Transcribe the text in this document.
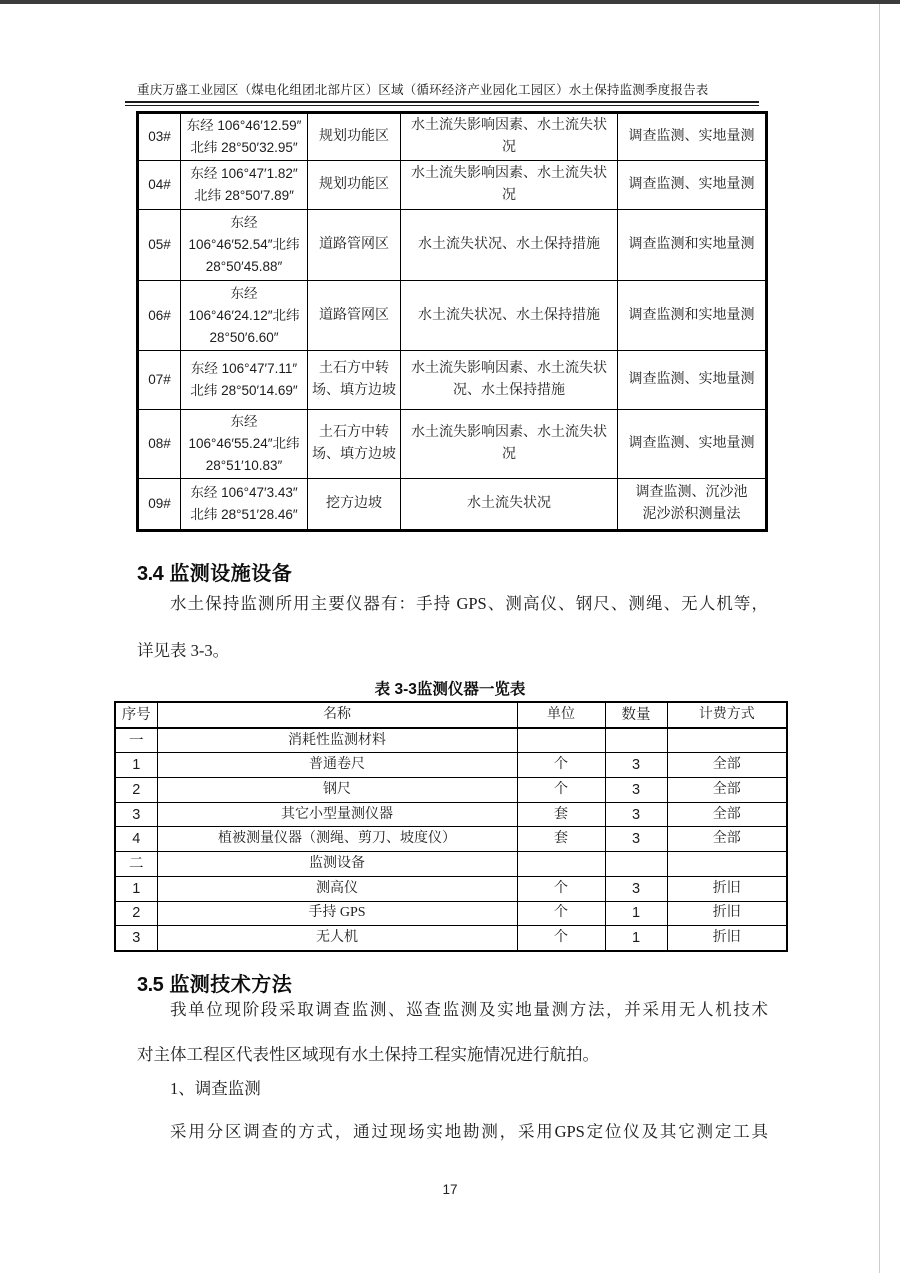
重庆万盛工业园区（煤电化组团北部片区）区域（循环经济产业园化工园区）水土保持监测季度报告表
03#	东经 106°46′12.59″
北纬 28°50′32.95″	规划功能区	水土流失影响因素、水土流失状况	调查监测、实地量测

04#	东经 106°47′1.82″
北纬 28°50′7.89″	规划功能区	水土流失影响因素、水土流失状况	调查监测、实地量测

05#	东经
106°46′52.54″北纬
28°50′45.88″	道路管网区	水土流失状况、水土保持措施	调查监测和实地量测

06#	东经
106°46′24.12″北纬
28°50′6.60″	道路管网区	水土流失状况、水土保持措施	调查监测和实地量测

07#	东经 106°47′7.11″
北纬 28°50′14.69″	土石方中转场、填方边坡	水土流失影响因素、水土流失状况、水土保持措施	调查监测、实地量测

08#	东经
106°46′55.24″北纬
28°51′10.83″	土石方中转场、填方边坡	水土流失影响因素、水土流失状况	调查监测、实地量测

09#	东经 106°47′3.43″
北纬 28°51′28.46″	挖方边坡	水土流失状况	调查监测、沉沙池
泥沙淤积测量法
3.4 监测设施设备
水土保持监测所用主要仪器有：手持 GPS、测高仪、钢尺、测绳、无人机等，
详见表 3-3。
表 3-3监测仪器一览表
序号	名称	单位	数量	计费方式
一	消耗性监测材料			
1	普通卷尺	个	3	全部
2	钢尺	个	3	全部
3	其它小型量测仪器	套	3	全部
4	植被测量仪器（测绳、剪刀、坡度仪）	套	3	全部
二	监测设备			
1	测高仪	个	3	折旧
2	手持 GPS	个	1	折旧
3	无人机	个	1	折旧
3.5 监测技术方法
我单位现阶段采取调查监测、巡查监测及实地量测方法，并采用无人机技术
对主体工程区代表性区域现有水土保持工程实施情况进行航拍。
1、调查监测
采用分区调查的方式，通过现场实地勘测，采用GPS定位仪及其它测定工具
17
